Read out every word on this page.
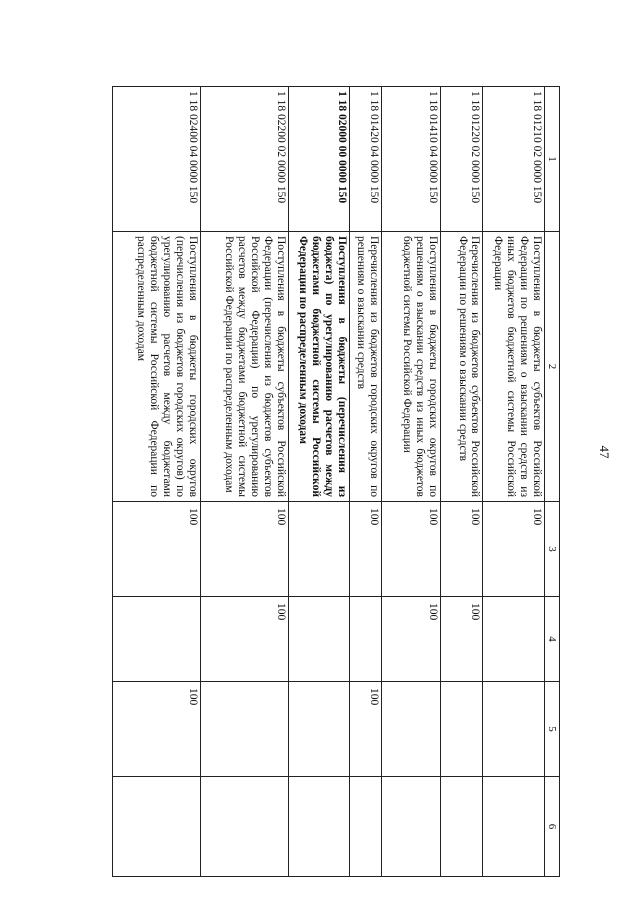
47
1	2	3	4	5	6
1 18 01210 02 0000 150	Поступления в бюджеты субъектов Российской Федерации по решениям о взыскании средств из иных бюджетов бюджетной системы Российской Федерации	100			
1 18 01220 02 0000 150	Перечисления из бюджетов субъектов Российской Федерации по решениям о взыскании средств	100	100		
1 18 01410 04 0000 150	Поступления в бюджеты городских округов по решениям о взыскании средств из иных бюджетов бюджетной системы Российской Федерации	100	100		
1 18 01420 04 0000 150	Перечисления из бюджетов городских округов по решениям о взыскании средств	100		100	
1 18 02000 00 0000 150	Поступления в бюджеты (перечисления из бюджета) по урегулированию расчетов между бюджетами бюджетной системы Российской Федерации по распределенным доходам				
1 18 02200 02 0000 150	Поступления в бюджеты субъектов Российской Федерации (перечисления из бюджетов субъектов Российской Федерации) по урегулированию расчетов между бюджетами бюджетной системы Российской Федерации по распределенным доходам	100	100		
1 18 02400 04 0000 150	Поступления в бюджеты городских округов (перечисления из бюджетов городских округов) по урегулированию расчетов между бюджетами бюджетной системы Российской Федерации по распределенным доходам	100		100	
